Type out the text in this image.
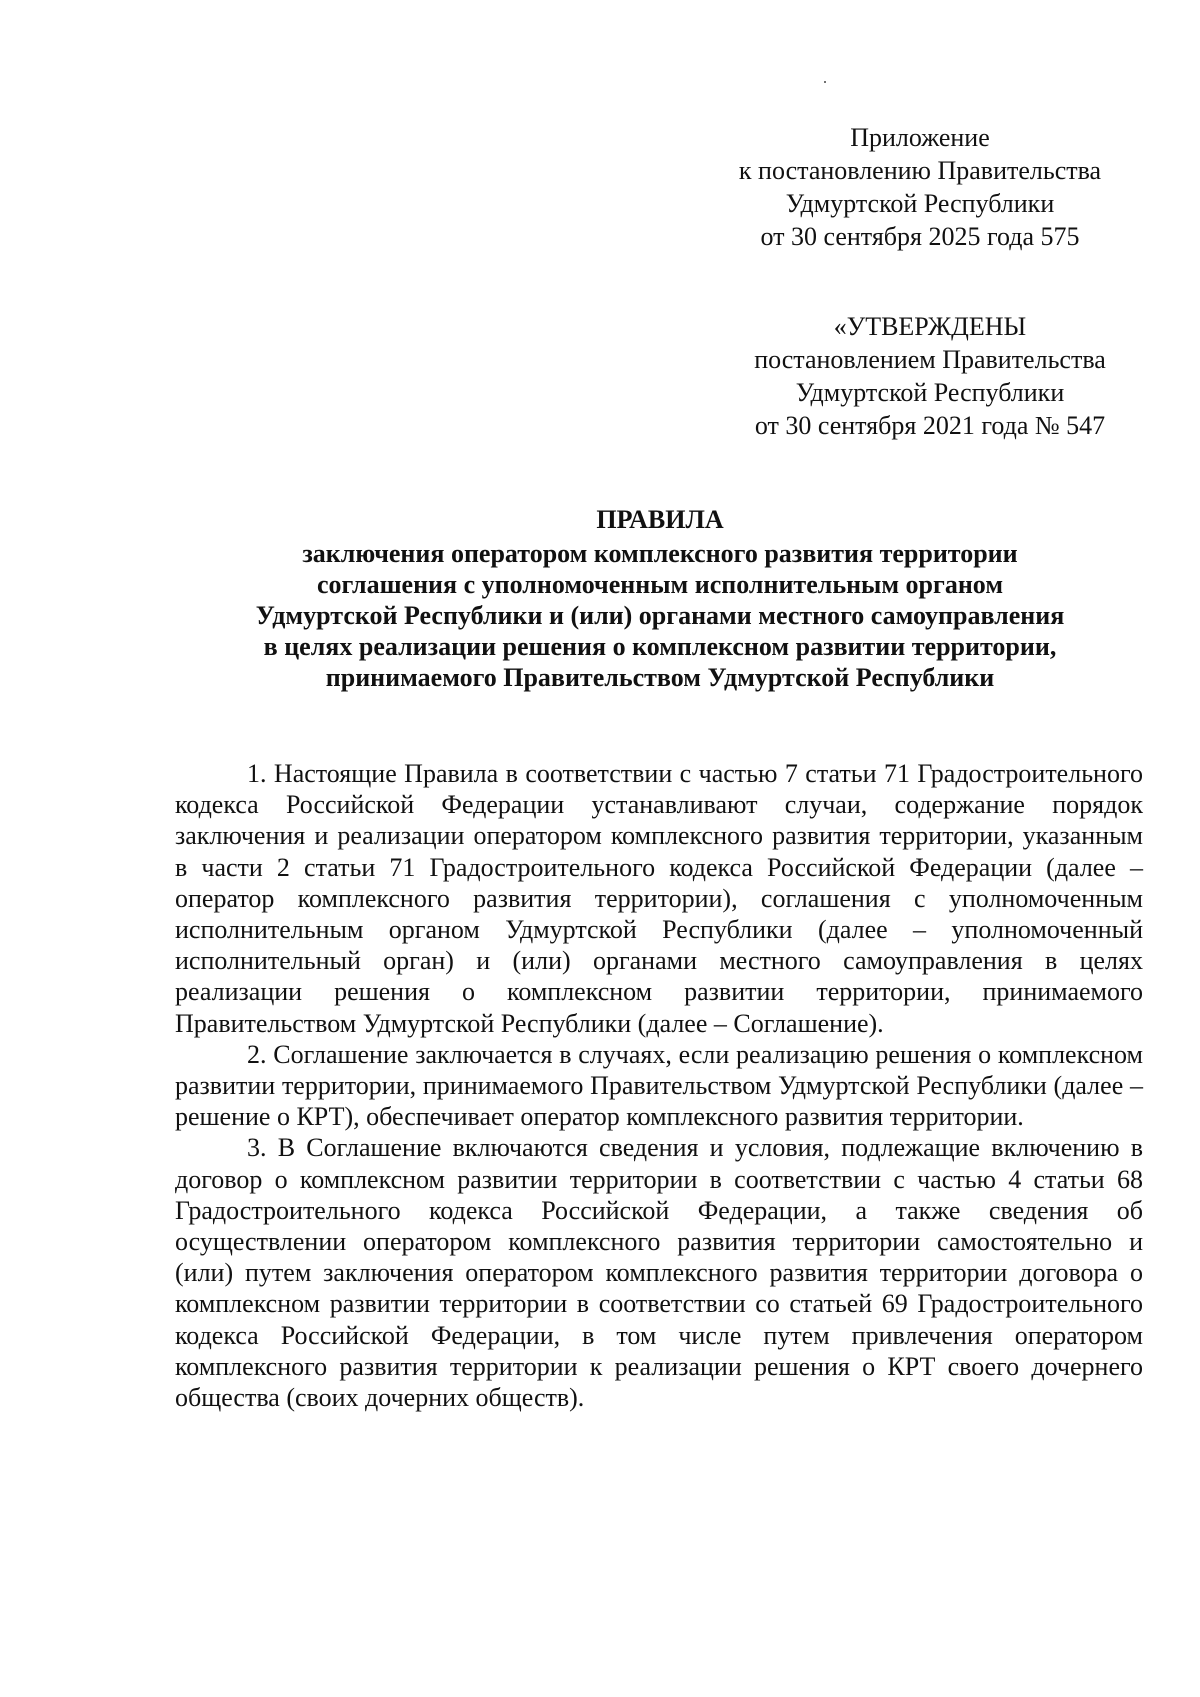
Приложение
к постановлению Правительства
Удмуртской Республики
от 30 сентября 2025 года 575
«УТВЕРЖДЕНЫ
постановлением Правительства
Удмуртской Республики
от 30 сентября 2021 года № 547
ПРАВИЛА
заключения оператором комплексного развития территории
соглашения с уполномоченным исполнительным органом
Удмуртской Республики и (или) органами местного самоуправления
в целях реализации решения о комплексном развитии территории,
принимаемого Правительством Удмуртской Республики

1. Настоящие Правила в соответствии с частью 7 статьи 71 Градостроительного кодекса Российской Федерации устанавливают случаи, содержание порядок заключения и реализации оператором комплексного развития территории, указанным в части 2 статьи 71 Градостроительного кодекса Российской Федерации (далее – оператор комплексного развития территории), соглашения с уполномоченным исполнительным органом Удмуртской Республики (далее – уполномоченный исполнительный орган) и (или) органами местного самоуправления в целях реализации решения о комплексном развитии территории, принимаемого Правительством Удмуртской Республики (далее – Соглашение).

2. Соглашение заключается в случаях, если реализацию решения о комплексном развитии территории, принимаемого Правительством Удмуртской Республики (далее – решение о КРТ), обеспечивает оператор комплексного развития территории.

3. В Соглашение включаются сведения и условия, подлежащие включению в договор о комплексном развитии территории в соответствии с частью 4 статьи 68 Градостроительного кодекса Российской Федерации, а также сведения об осуществлении оператором комплексного развития территории самостоятельно и (или) путем заключения оператором комплексного развития территории договора о комплексном развитии территории в соответствии со статьей 69 Градостроительного кодекса Российской Федерации, в том числе путем привлечения оператором комплексного развития территории к реализации решения о КРТ своего дочернего общества (своих дочерних обществ).
